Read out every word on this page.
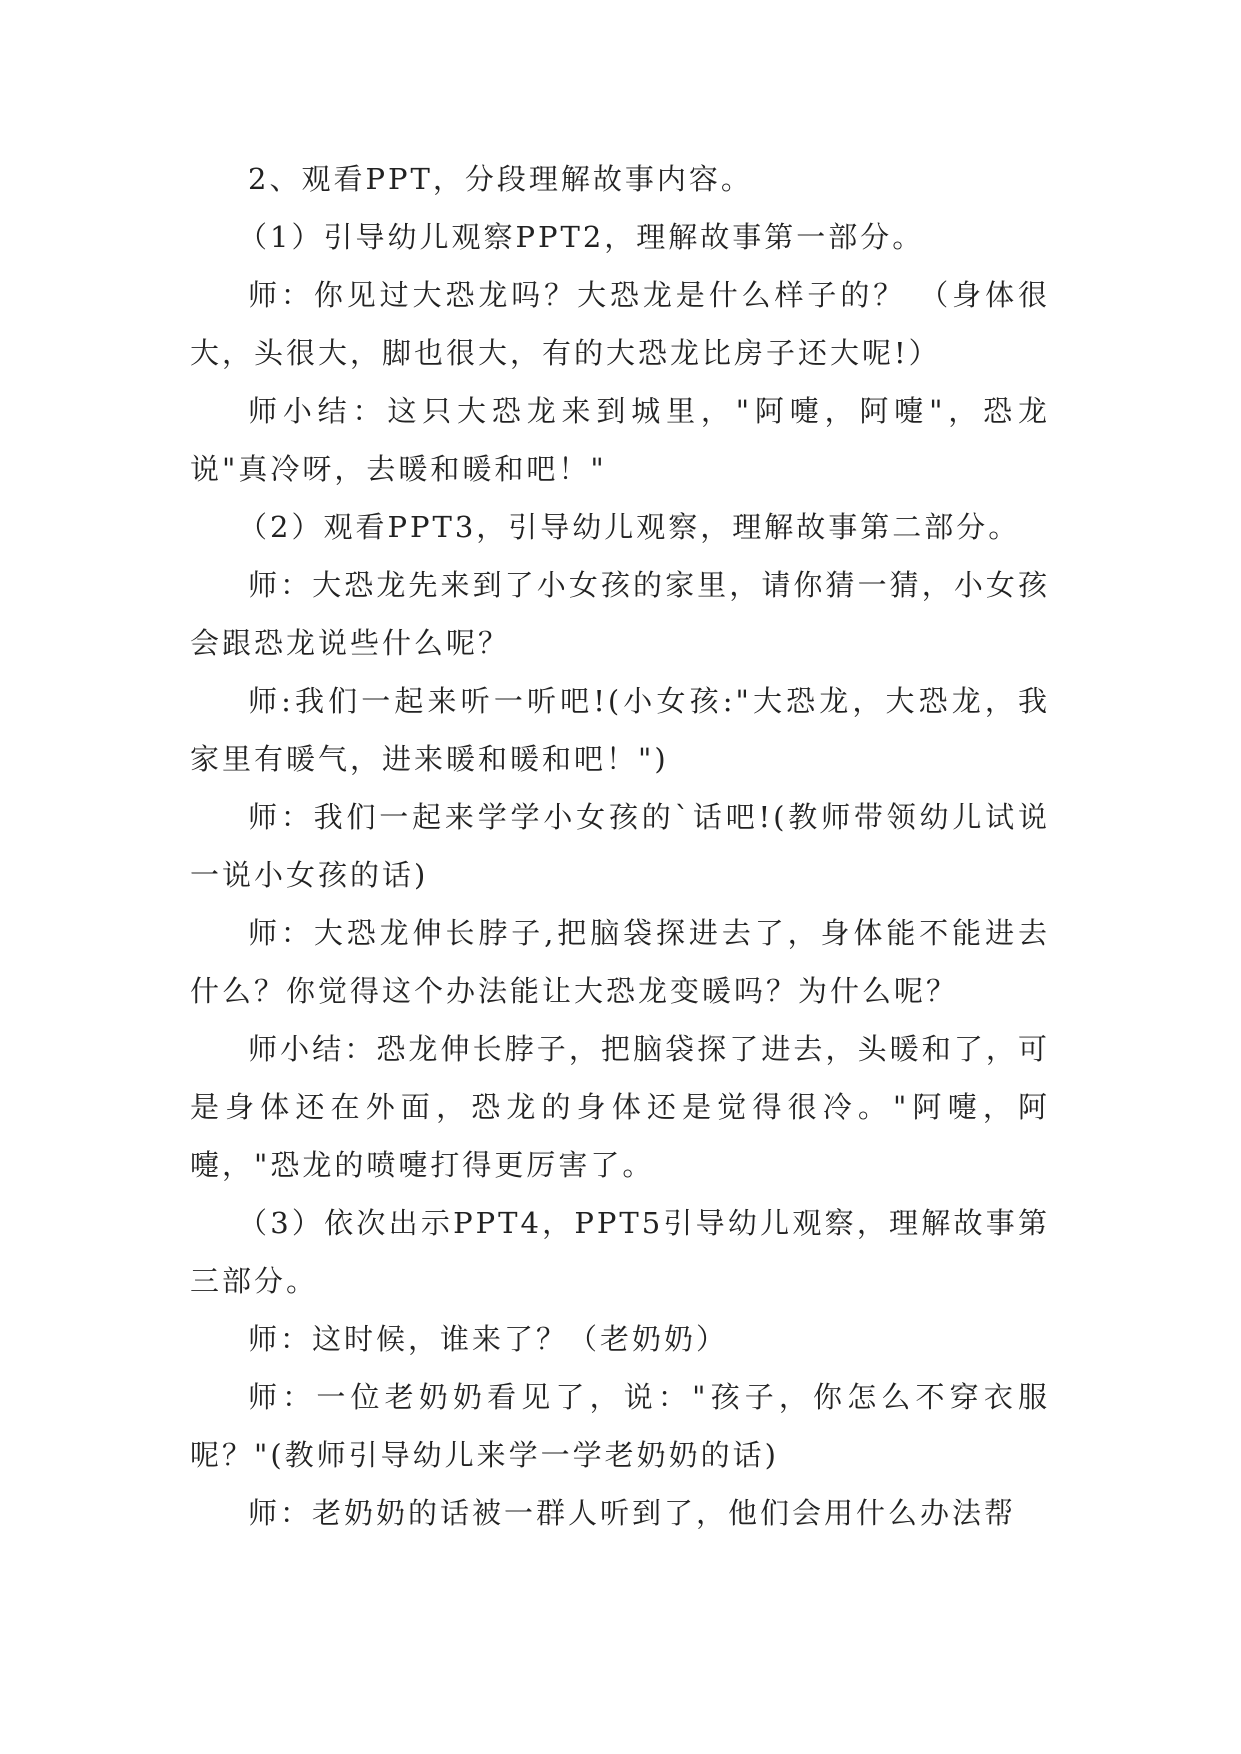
2、观看PPT，分段理解故事内容。

（1）引导幼儿观察PPT2，理解故事第一部分。

师：你见过大恐龙吗？大恐龙是什么样子的？ （身体很大，头很大，脚也很大，有的大恐龙比房子还大呢!）

师小结：这只大恐龙来到城里，"阿嚏，阿嚏"，恐龙说"真冷呀，去暖和暖和吧！"

（2）观看PPT3，引导幼儿观察，理解故事第二部分。

师：大恐龙先来到了小女孩的家里，请你猜一猜，小女孩会跟恐龙说些什么呢？

师:我们一起来听一听吧!(小女孩:"大恐龙，大恐龙，我家里有暖气，进来暖和暖和吧！")

师：我们一起来学学小女孩的`话吧!(教师带领幼儿试说一说小女孩的话)

师：大恐龙伸长脖子,把脑袋探进去了，身体能不能进去什么？你觉得这个办法能让大恐龙变暖吗？为什么呢？

师小结：恐龙伸长脖子，把脑袋探了进去，头暖和了，可是身体还在外面，恐龙的身体还是觉得很冷。"阿嚏，阿嚏，"恐龙的喷嚏打得更厉害了。

（3）依次出示PPT4，PPT5引导幼儿观察，理解故事第三部分。

师：这时候，谁来了？（老奶奶）

师：一位老奶奶看见了，说："孩子，你怎么不穿衣服呢？"(教师引导幼儿来学一学老奶奶的话)

师：老奶奶的话被一群人听到了，他们会用什么办法帮
